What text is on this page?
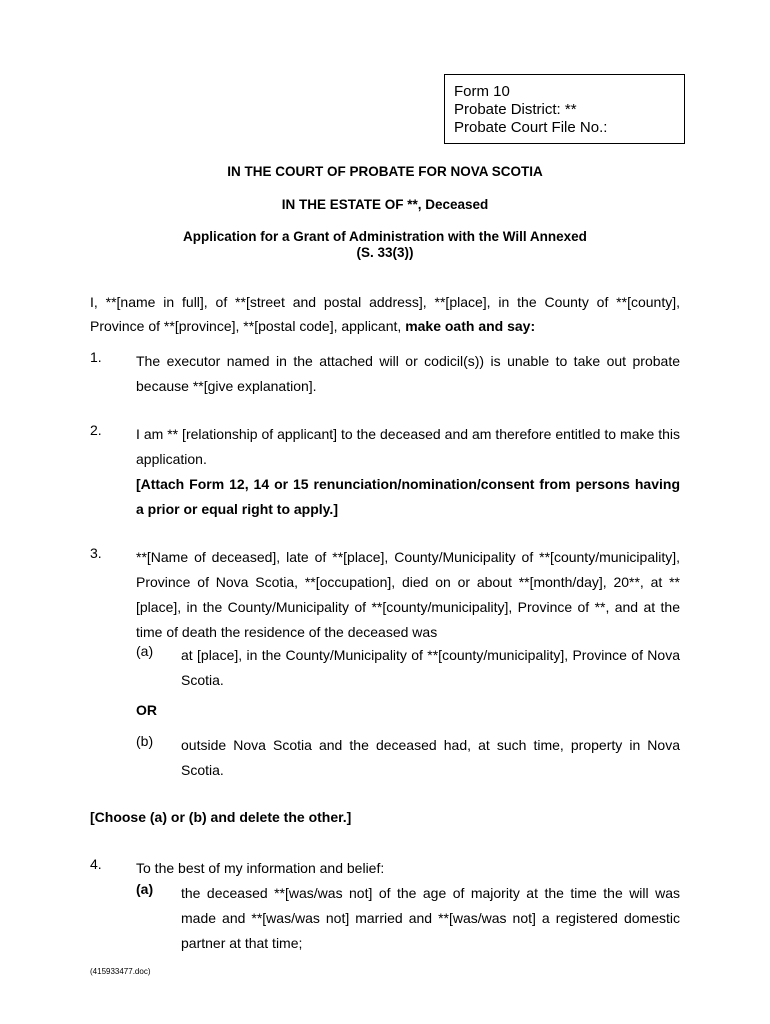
Form 10
Probate District: **
Probate Court File No.:
IN THE COURT OF PROBATE FOR NOVA SCOTIA
IN THE ESTATE OF **, Deceased
Application for a Grant of Administration with the Will Annexed
(S. 33(3))
I, **[name in full], of **[street and postal address], **[place], in the County of **[county], Province of **[province], **[postal code], applicant, make oath and say:
1.	The executor named in the attached will or codicil(s)) is unable to take out probate because **[give explanation].
2.	I am ** [relationship of applicant] to the deceased and am therefore entitled to make this application.
[Attach Form 12, 14 or 15 renunciation/nomination/consent from persons having a prior or equal right to apply.]
3.	**[Name of deceased], late of **[place], County/Municipality of **[county/municipality], Province of Nova Scotia, **[occupation], died on or about **[month/day], 20**, at **[place], in the County/Municipality of **[county/municipality], Province of **, and at the time of death the residence of the deceased was
(a)	at [place], in the County/Municipality of **[county/municipality], Province of Nova Scotia.
OR
(b)	outside Nova Scotia and the deceased had, at such time, property in Nova Scotia.
[Choose (a) or (b) and delete the other.]
4.	To the best of my information and belief:
(a)	the deceased **[was/was not] of the age of majority at the time the will was made and **[was/was not] married and **[was/was not] a registered domestic partner at that time;
(415933477.doc)
